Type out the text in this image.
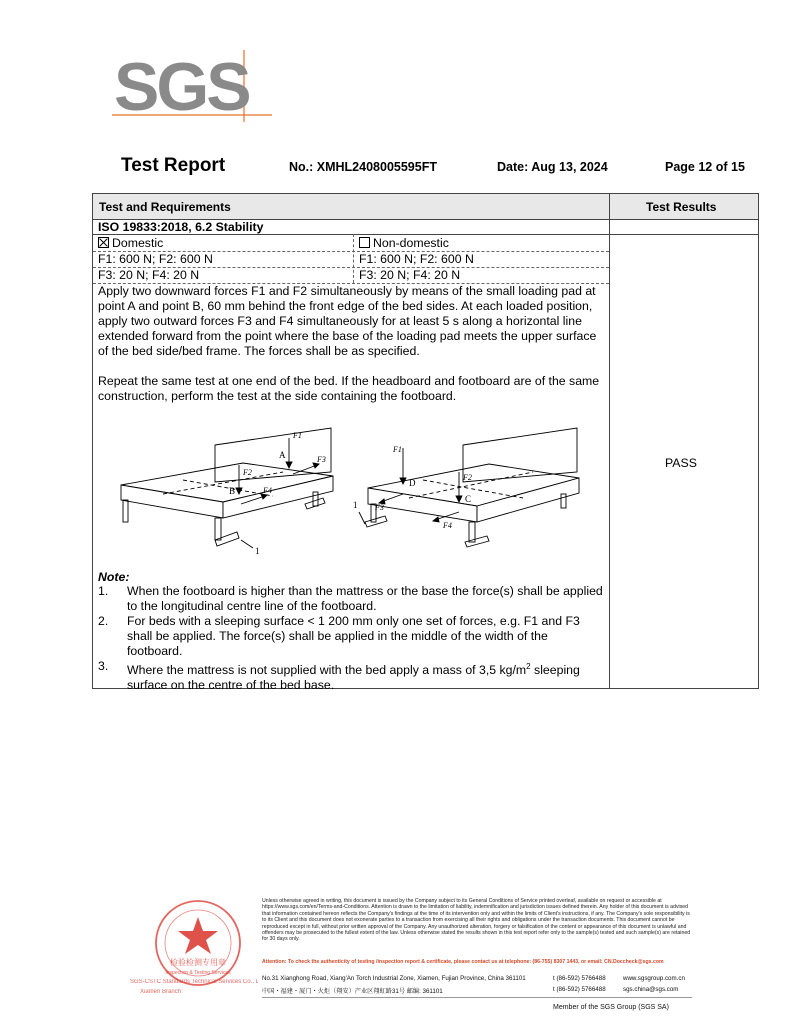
SGS
Test Report	No.: XMHL2408005595FT	Date: Aug 13, 2024	Page 12 of 15
Test and Requirements	Test Results
ISO 19833:2018, 6.2 Stability
Domestic	Non-domestic
F1: 600 N; F2: 600 N	F1: 600 N; F2: 600 N
F3: 20 N; F4: 20 N	F3: 20 N; F4: 20 N
Apply two downward forces F1 and F2 simultaneously by means of the small loading pad at point A and point B, 60 mm behind the front edge of the bed sides. At each loaded position, apply two outward forces F3 and F4 simultaneously for at least 5 s along a horizontal line extended forward from the point where the base of the loading pad meets the upper surface of the bed side/bed frame. The forces shall be as specified.
Repeat the same test at one end of the bed. If the headboard and footboard are of the same construction, perform the test at the side containing the footboard.
F1
F2
F3
F4
A
B
1
F1
F2
F3
F4
D
C
1
Note:
1.	When the footboard is higher than the mattress or the base the force(s) shall be applied to the longitudinal centre line of the footboard.
2.	For beds with a sleeping surface < 1 200 mm only one set of forces, e.g. F1 and F3 shall be applied. The force(s) shall be applied in the middle of the width of the footboard.
3.	Where the mattress is not supplied with the bed apply a mass of 3,5 $kg/m^2$ sleeping surface on the centre of the bed base.
PASS
检验检测专用章
Inspection & Testing Services
SGS-CSTC Standards Technical Services Co., Ltd
Xiamen Branch
Unless otherwise agreed in writing, this document is issued by the Company subject to its General Conditions of Service printed overleaf, available on request or accessible at https://www.sgs.com/en/Terms-and-Conditions. Attention is drawn to the limitation of liability, indemnification and jurisdiction issues defined therein. Any holder of this document is advised that information contained hereon reflects the Company's findings at the time of its intervention only and within the limits of Client's instructions, if any. The Company's sole responsibility is to its Client and this document does not exonerate parties to a transaction from exercising all their rights and obligations under the transaction documents. This document cannot be reproduced except in full, without prior written approval of the Company. Any unauthorized alteration, forgery or falsification of the content or appearance of this document is unlawful and offenders may be prosecuted to the fullest extent of the law. Unless otherwise stated the results shown in this test report refer only to the sample(s) tested and such sample(s) are retained for 30 days only.
Attention: To check the authenticity of testing /inspection report & certificate, please contact us at telephone: (86-755) 8307 1443, or email: CN.Doccheck@sgs.com
No.31 Xianghong Road, Xiang'An Torch Industrial Zone, Xiamen, Fujian Province, China 361101
中国・福建・厦门・火炬（翔安）产业区翔虹路31号 邮编: 361101
t (86-592) 5766488
t (86-592) 5766488
www.sgsgroup.com.cn
sgs.china@sgs.com
Member of the SGS Group (SGS SA)
